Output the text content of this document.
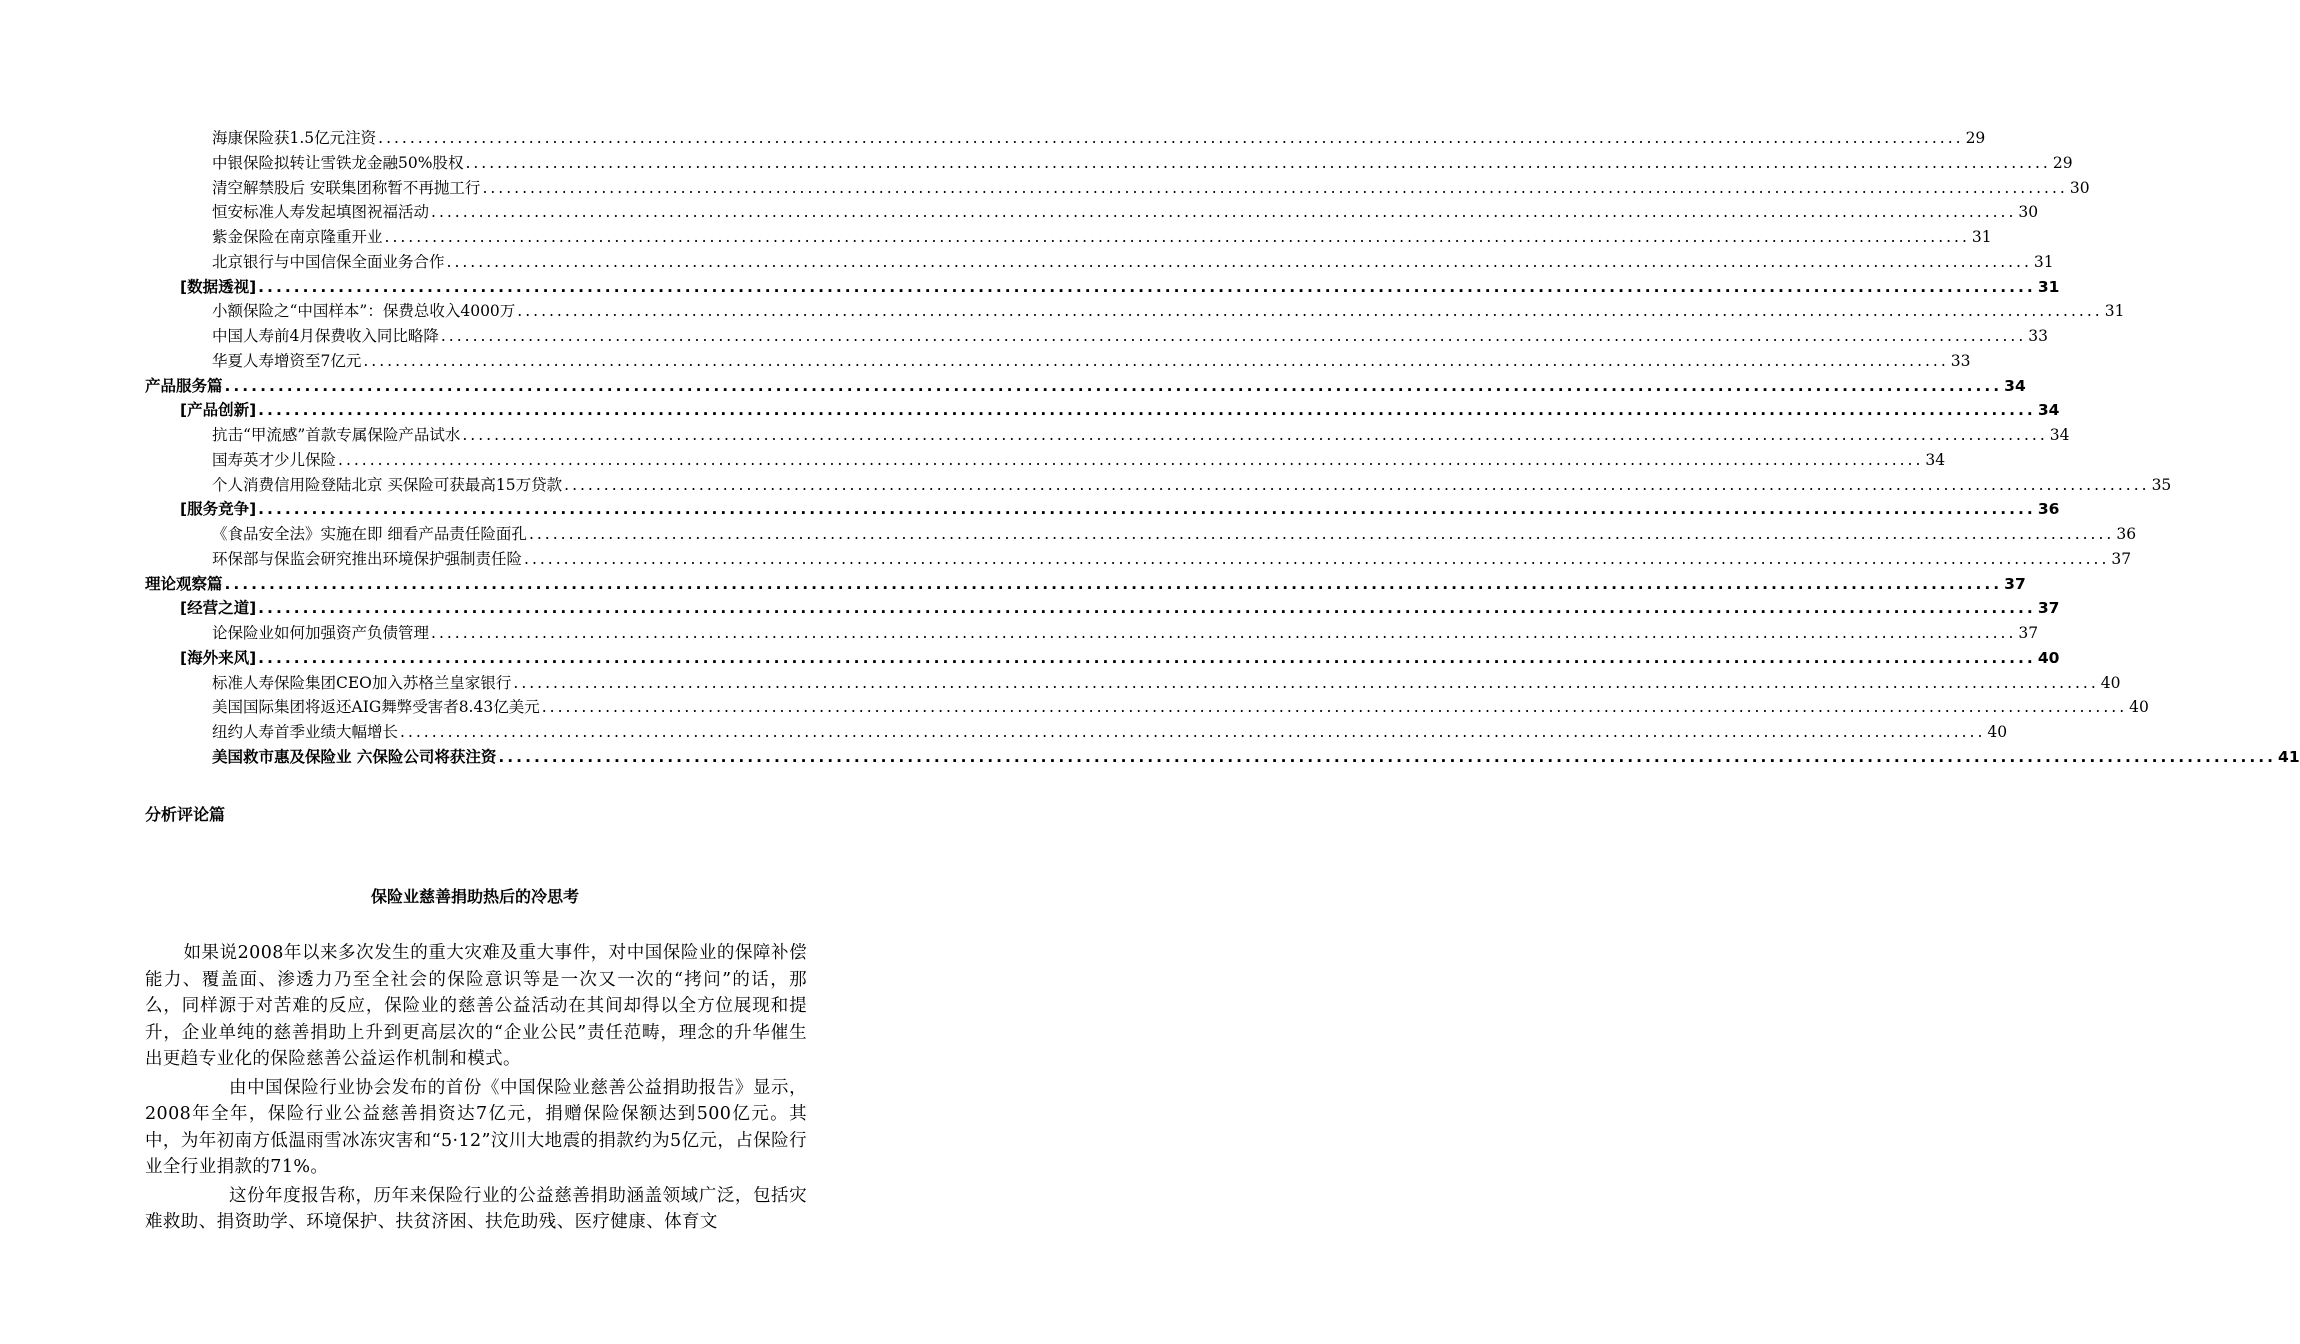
海康保险获1.5亿元注资 ........................................................................................................................................................................................................ 29
中银保险拟转让雪铁龙金融50%股权 ........................................................................................................................................................................................................ 29
清空解禁股后 安联集团称暂不再抛工行 ........................................................................................................................................................................................................ 30
恒安标准人寿发起填图祝福活动 ........................................................................................................................................................................................................ 30
紫金保险在南京隆重开业 ........................................................................................................................................................................................................ 31
北京银行与中国信保全面业务合作 ........................................................................................................................................................................................................ 31
[数据透视] ........................................................................................................................................................................................................ 31
小额保险之“中国样本”：保费总收入4000万 ........................................................................................................................................................................................................ 31
中国人寿前4月保费收入同比略降 ........................................................................................................................................................................................................ 33
华夏人寿增资至7亿元 ........................................................................................................................................................................................................ 33
产品服务篇 ........................................................................................................................................................................................................ 34
[产品创新] ........................................................................................................................................................................................................ 34
抗击“甲流感”首款专属保险产品试水 ........................................................................................................................................................................................................ 34
国寿英才少儿保险 ........................................................................................................................................................................................................ 34
个人消费信用险登陆北京 买保险可获最高15万贷款 ........................................................................................................................................................................................................ 35
[服务竞争] ........................................................................................................................................................................................................ 36
《食品安全法》实施在即 细看产品责任险面孔 ........................................................................................................................................................................................................ 36
环保部与保监会研究推出环境保护强制责任险 ........................................................................................................................................................................................................ 37
理论观察篇 ........................................................................................................................................................................................................ 37
[经营之道] ........................................................................................................................................................................................................ 37
论保险业如何加强资产负债管理 ........................................................................................................................................................................................................ 37
[海外来风] ........................................................................................................................................................................................................ 40
标准人寿保险集团CEO加入苏格兰皇家银行 ........................................................................................................................................................................................................ 40
美国国际集团将返还AIG舞弊受害者8.43亿美元 ........................................................................................................................................................................................................ 40
纽约人寿首季业绩大幅增长 ........................................................................................................................................................................................................ 40
美国救市惠及保险业 六保险公司将获注资 ........................................................................................................................................................................................................ 41
分析评论篇
保险业慈善捐助热后的冷思考

如果说2008年以来多次发生的重大灾难及重大事件，对中国保险业的保障补偿能力、覆盖面、渗透力乃至全社会的保险意识等是一次又一次的“拷问”的话，那么，同样源于对苦难的反应，保险业的慈善公益活动在其间却得以全方位展现和提升，企业单纯的慈善捐助上升到更高层次的“企业公民”责任范畴，理念的升华催生出更趋专业化的保险慈善公益运作机制和模式。

由中国保险行业协会发布的首份《中国保险业慈善公益捐助报告》显示，2008年全年，保险行业公益慈善捐资达7亿元，捐赠保险保额达到500亿元。其中，为年初南方低温雨雪冰冻灾害和“5·12”汶川大地震的捐款约为5亿元，占保险行业全行业捐款的71%。

这份年度报告称，历年来保险行业的公益慈善捐助涵盖领域广泛，包括灾难救助、捐资助学、环境保护、扶贫济困、扶危助残、医疗健康、体育文
